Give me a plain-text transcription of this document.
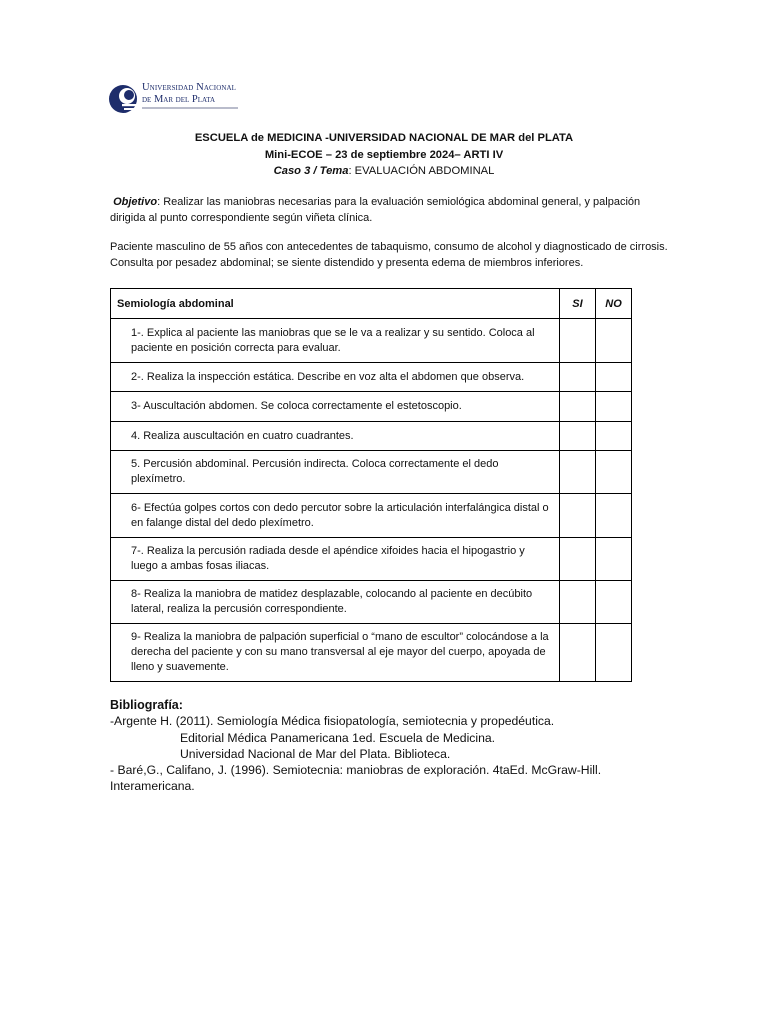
Universidad Nacional
de Mar del Plata
ESCUELA de MEDICINA -UNIVERSIDAD NACIONAL DE MAR del PLATA
Mini-ECOE – 23 de septiembre 2024– ARTI IV
Caso 3 / Tema: EVALUACIÓN ABDOMINAL
Objetivo: Realizar las maniobras necesarias para la evaluación semiológica abdominal general, y palpación dirigida al punto correspondiente según viñeta clínica.
Paciente masculino de 55 años con antecedentes de tabaquismo, consumo de alcohol y diagnosticado de cirrosis. Consulta por pesadez abdominal; se siente distendido y presenta edema de miembros inferiores.
Semiología abdominal	SI	NO
1-. Explica al paciente las maniobras que se le va a realizar y su sentido. Coloca al paciente en posición correcta para evaluar.		
2-. Realiza la inspección estática. Describe en voz alta el abdomen que observa.		
3- Auscultación abdomen. Se coloca correctamente el estetoscopio.		
4. Realiza auscultación en cuatro cuadrantes.		
5. Percusión abdominal. Percusión indirecta. Coloca correctamente el dedo plexímetro.		
6- Efectúa golpes cortos con dedo percutor sobre la articulación interfalángica distal o en falange distal del dedo plexímetro.		
7-. Realiza la percusión radiada desde el apéndice xifoides hacia el hipogastrio y luego a ambas fosas iliacas.		
8- Realiza la maniobra de matidez desplazable, colocando al paciente en decúbito lateral, realiza la percusión correspondiente.		
9- Realiza la maniobra de palpación superficial o “mano de escultor” colocándose a la derecha del paciente y con su mano transversal al eje mayor del cuerpo, apoyada de lleno y suavemente.		
Bibliografía:
-Argente H. (2011). Semiología Médica fisiopatología, semiotecnia y propedéutica.
Editorial Médica Panamericana 1ed. Escuela de Medicina.
Universidad Nacional de Mar del Plata. Biblioteca.
- Baré,G., Califano, J. (1996). Semiotecnia: maniobras de exploración. 4taEd. McGraw-Hill.
Interamericana.
